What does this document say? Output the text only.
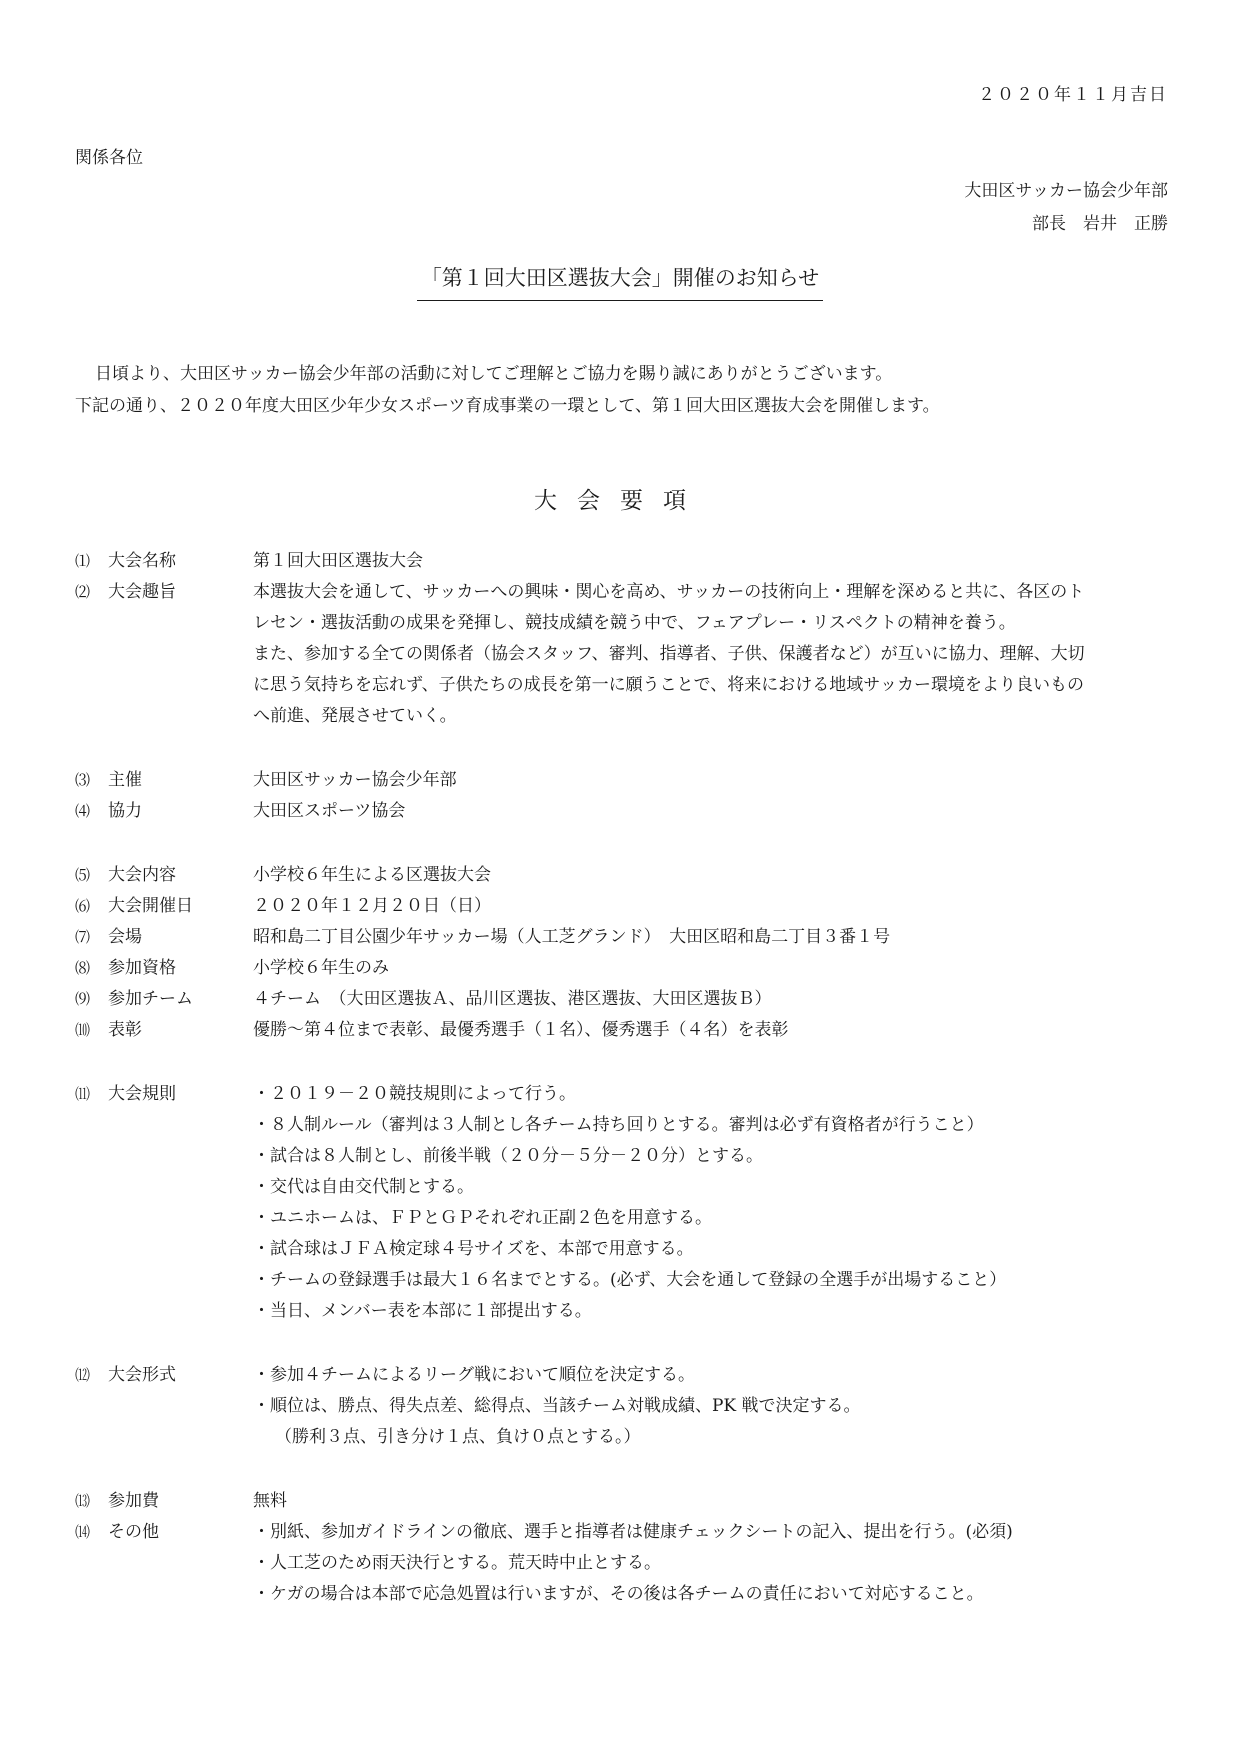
２０２０年１１月吉日
関係各位
大田区サッカー協会少年部
部長　岩井　正勝
「第１回大田区選抜大会」開催のお知らせ
日頃より、大田区サッカー協会少年部の活動に対してご理解とご協力を賜り誠にありがとうございます。
下記の通り、２０２０年度大田区少年少女スポーツ育成事業の一環として、第１回大田区選抜大会を開催します。
大会要項
⑴	大会名称	第１回大田区選抜大会
⑵	大会趣旨	本選抜大会を通して、サッカーへの興味・関心を高め、サッカーの技術向上・理解を深めると共に、各区のト
レセン・選抜活動の成果を発揮し、競技成績を競う中で、フェアプレー・リスペクトの精神を養う。
また、参加する全ての関係者（協会スタッフ、審判、指導者、子供、保護者など）が互いに協力、理解、大切
に思う気持ちを忘れず、子供たちの成長を第一に願うことで、将来における地域サッカー環境をより良いもの
へ前進、発展させていく。
⑶	主催	大田区サッカー協会少年部
⑷	協力	大田区スポーツ協会
⑸	大会内容	小学校６年生による区選抜大会
⑹	大会開催日	２０２０年１２月２０日（日）
⑺	会場	昭和島二丁目公園少年サッカー場（人工芝グランド）　大田区昭和島二丁目３番１号
⑻	参加資格	小学校６年生のみ
⑼	参加チーム	４チーム　（大田区選抜Ａ、品川区選抜、港区選抜、大田区選抜Ｂ）
⑽	表彰	優勝～第４位まで表彰、最優秀選手（１名）、優秀選手（４名）を表彰
⑾	大会規則	・２０１９－２０競技規則によって行う。
・８人制ルール（審判は３人制とし各チーム持ち回りとする。審判は必ず有資格者が行うこと）
・試合は８人制とし、前後半戦（２０分－５分－２０分）とする。
・交代は自由交代制とする。
・ユニホームは、ＦＰとＧＰそれぞれ正副２色を用意する。
・試合球はＪＦＡ検定球４号サイズを、本部で用意する。
・チームの登録選手は最大１６名までとする。(必ず、大会を通して登録の全選手が出場すること）
・当日、メンバー表を本部に１部提出する。
⑿	大会形式	・参加４チームによるリーグ戦において順位を決定する。
・順位は、勝点、得失点差、総得点、当該チーム対戦成績、PK 戦で決定する。
（勝利３点、引き分け１点、負け０点とする。）
⒀	参加費	無料
⒁	その他	・別紙、参加ガイドラインの徹底、選手と指導者は健康チェックシートの記入、提出を行う。(必須)
・人工芝のため雨天決行とする。荒天時中止とする。
・ケガの場合は本部で応急処置は行いますが、その後は各チームの責任において対応すること。
